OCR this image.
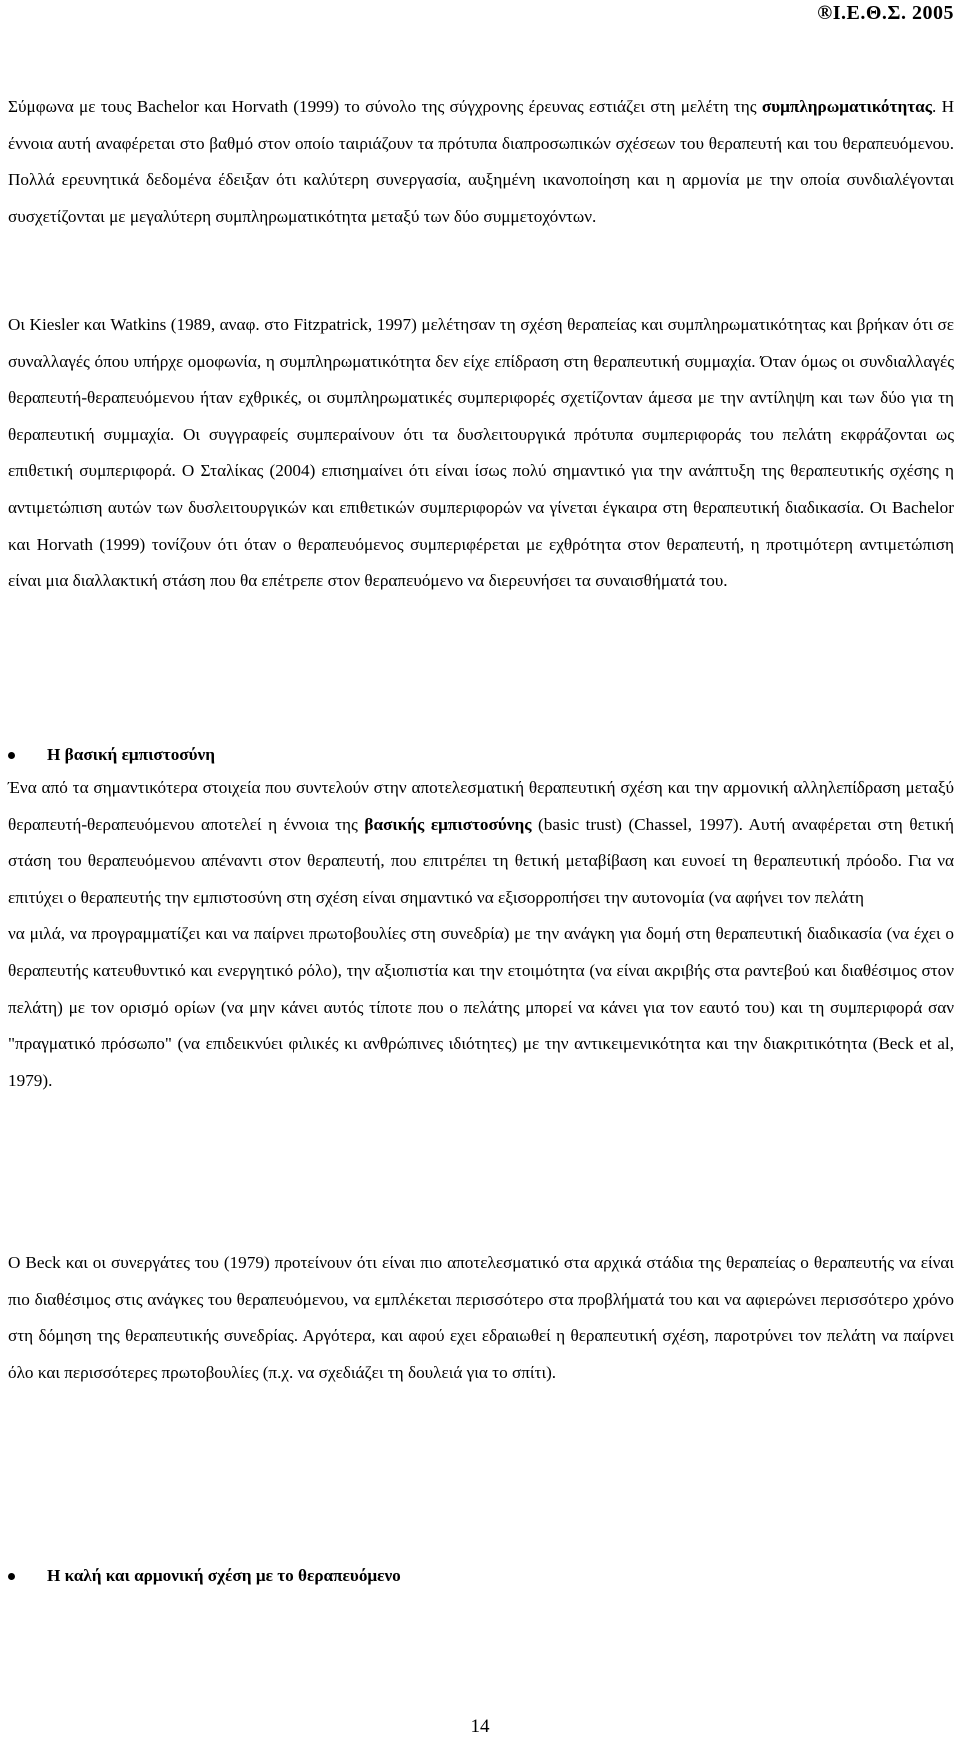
®Ι.Ε.Θ.Σ. 2005

Σύμφωνα με τους Bachelor και Horvath (1999) το σύνολο της σύγχρονης έρευνας εστιάζει στη μελέτη της συμπληρωματικότητας. Η έννοια αυτή αναφέρεται στο βαθμό στον οποίο ταιριάζουν τα πρότυπα διαπροσωπικών σχέσεων του θεραπευτή και του θεραπευόμενου. Πολλά ερευνητικά δεδομένα έδειξαν ότι καλύτερη συνεργασία, αυξημένη ικανοποίηση και η αρμονία με την οποία συνδιαλέγονται συσχετίζονται με μεγαλύτερη συμπληρωματικότητα μεταξύ των δύο συμμετοχόντων.

Οι Kiesler και Watkins (1989, αναφ. στο Fitzpatrick, 1997) μελέτησαν τη σχέση θεραπείας και συμπληρωματικότητας και βρήκαν ότι σε συναλλαγές όπου υπήρχε ομοφωνία, η συμπληρωματικότητα δεν είχε επίδραση στη θεραπευτική συμμαχία. Όταν όμως οι συνδιαλλαγές θεραπευτή-θεραπευόμενου ήταν εχθρικές, οι συμπληρωματικές συμπεριφορές σχετίζονταν άμεσα με την αντίληψη και των δύο για τη θεραπευτική συμμαχία. Οι συγγραφείς συμπεραίνουν ότι τα δυσλειτουργικά πρότυπα συμπεριφοράς του πελάτη εκφράζονται ως επιθετική συμπεριφορά. Ο Σταλίκας (2004) επισημαίνει ότι είναι ίσως πολύ σημαντικό για την ανάπτυξη της θεραπευτικής σχέσης η αντιμετώπιση αυτών των δυσλειτουργικών και επιθετικών συμπεριφορών να γίνεται έγκαιρα στη θεραπευτική διαδικασία. Οι Bachelor και Horvath (1999) τονίζουν ότι όταν ο θεραπευόμενος συμπεριφέρεται με εχθρότητα στον θεραπευτή, η προτιμότερη αντιμετώπιση είναι μια διαλλακτική στάση που θα επέτρεπε στον θεραπευόμενο να διερευνήσει τα συναισθήματά του.

Η βασική εμπιστοσύνη

Ένα από τα σημαντικότερα στοιχεία που συντελούν στην αποτελεσματική θεραπευτική σχέση και την αρμονική αλληλεπίδραση μεταξύ θεραπευτή-θεραπευόμενου αποτελεί η έννοια της βασικής εμπιστοσύνης (basic trust) (Chassel, 1997). Αυτή αναφέρεται στη θετική στάση του θεραπευόμενου απέναντι στον θεραπευτή, που επιτρέπει τη θετική μεταβίβαση και ευνοεί τη θεραπευτική πρόοδο. Για να επιτύχει ο θεραπευτής την εμπιστοσύνη στη σχέση είναι σημαντικό να εξισορροπήσει την αυτονομία (να αφήνει τον πελάτη
να μιλά, να προγραμματίζει και να παίρνει πρωτοβουλίες στη συνεδρία) με την ανάγκη για δομή στη θεραπευτική διαδικασία (να έχει ο θεραπευτής κατευθυντικό και ενεργητικό ρόλο), την αξιοπιστία και την ετοιμότητα (να είναι ακριβής στα ραντεβού και διαθέσιμος στον πελάτη) με τον ορισμό ορίων (να μην κάνει αυτός τίποτε που ο πελάτης μπορεί να κάνει για τον εαυτό του) και τη συμπεριφορά σαν "πραγματικό πρόσωπο" (να επιδεικνύει φιλικές κι ανθρώπινες ιδιότητες) με την αντικειμενικότητα και την διακριτικότητα (Beck et al, 1979).

Ο Beck και οι συνεργάτες του (1979) προτείνουν ότι είναι πιο αποτελεσματικό στα αρχικά στάδια της θεραπείας ο θεραπευτής να είναι πιο διαθέσιμος στις ανάγκες του θεραπευόμενου, να εμπλέκεται περισσότερο στα προβλήματά του και να αφιερώνει περισσότερο χρόνο στη δόμηση της θεραπευτικής συνεδρίας. Αργότερα, και αφού εχει εδραιωθεί η θεραπευτική σχέση, παροτρύνει τον πελάτη να παίρνει όλο και περισσότερες πρωτοβουλίες (π.χ. να σχεδιάζει τη δουλειά για το σπίτι).

Η καλή και αρμονική σχέση με το θεραπευόμενο
14
